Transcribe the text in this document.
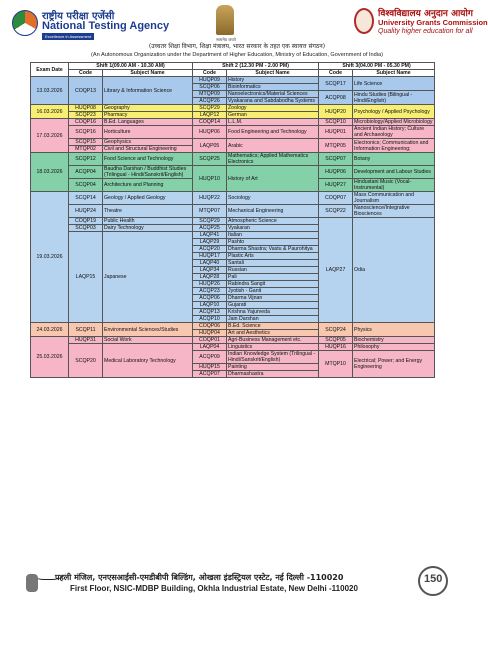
राष्ट्रीय परीक्षा एजेंसी
National Testing Agency
Excellence in Assessment
सत्यमेव जयते
विश्वविद्यालय अनुदान आयोग
University Grants Commission
Quality higher education for all
(उच्चतर शिक्षा विभाग, शिक्षा मंत्रालय, भारत सरकार के तहत एक स्वायत्त संगठन)
(An Autonomous Organization under the Department of Higher Education, Ministry of Education, Government of India)
Exam Date	Shift 1(09.00 AM - 10.30 AM)		Shift 2 (12.30 PM - 2.00 PM)		Shift 3(04.00 PM - 05.30 PM)	
	Code	Subject Name	Code	Subject Name	Code	Subject Name
13.03.2026	COQP13	Library & Information Science	HUQP09	History	SCQP17	Life Science
			SCQP06	Bioinformatics		
			MTQP09	Nanoelectronics/Material Sciences	ACQP08	Hindu Studies (Bilingual - Hindi/English)
			ACQP26	Vyakarana and Sabdabodha Systems		
16.03.2026	HUQP08	Geography	SCQP29	Zoology	HUQP20	Psychology / Applied Psychology
	SCQP23	Pharmacy	LAQP12	German		
17.03.2026	COQP16	B.Ed. Languages	COQP14	L.L.M.	SCQP10	Microbiology/Applied Microbiology
	SCQP16	Horticulture	HUQP06	Food Engineering and Technology	HUQP01	Ancient Indian History; Culture and Archaeology
	SCQP15	Geophysics	LAQP05	Arabic	MTQP05	Electronics; Communication and Information Engineering;
	MTQP02	Civil and Structural Engineering				
18.03.2026	SCQP12	Food Science and Technology	SCQP25	Mathematics; Applied Mathematics Electronics	SCQP07	Botany
	ACQP04	Baudha Darshan / Buddhist Studies (Trilingual - Hindi/Sanskrit/English)	HUQP10	History of Art	HUQP06	Development and Labour Studies
	SCQP04	Architecture and Planning			HUQP27	Hindustani Music (Vocal-Instrumental)
19.03.2026	SCQP14	Geology / Applied Geology	HUQP22	Sociology	COQP07	Mass Communication and Journalism
	HUQP24	Theatre	MTQP07	Mechanical Engineering	SCQP22	Nanoscience/Integrative Biosciences
	COQP19	Public Health	SCQP29	Atmospheric Science	LAQP27	Odia
	SCQP03	Dairy Technology	ACQP25	Vyakaran		
	LAQP15	Japanese	LAQP41	Italian		
			LAQP29	Pashto		
			ACQP20	Dharma Shastra; Vastu & Paurohitya		
			HUQP17	Plastic Arts		
			LAQP40	Santali		
			LAQP34	Russian		
			LAQP28	Pali		
			HUQP26	Rabindra Sangit		
			ACQP23	Jyotish - Ganit		
			ACQP06	Dharma Vijnan		
			LAQP10	Gujarati		
			ACQP13	Krishna Yajurveda		
			ACQP10	Jain Darshan		
24.03.2026	SCQP11	Environmental Sciences/Studies	COQP06	B.Ed. Science	SCQP24	Physics
			HUQP04	Art and Aesthetics		
25.03.2026	HUQP31	Social Work	COQP01	Agri-Business Management etc.	SCQP05	Biochemistry
	SCQP20	Medical Laboratory Technology	LAQP04	Linguistics	HUQP16	Philosophy
			ACQP09	Indian Knowledge System (Trilingual - Hindi/Sanskrit/English)	MTQP10	Electrical; Power; and Energy Engineering
			HUQP15	Painting		
			ACQP07	Dharmashastra		
पहली मंजिल, एनएसआईसी-एमडीबीपी बिल्डिंग, ओखला इंडस्ट्रियल एस्टेट, नई दिल्ली -110020
First Floor, NSIC-MDBP Building, Okhla Industrial Estate, New Delhi -110020
150
